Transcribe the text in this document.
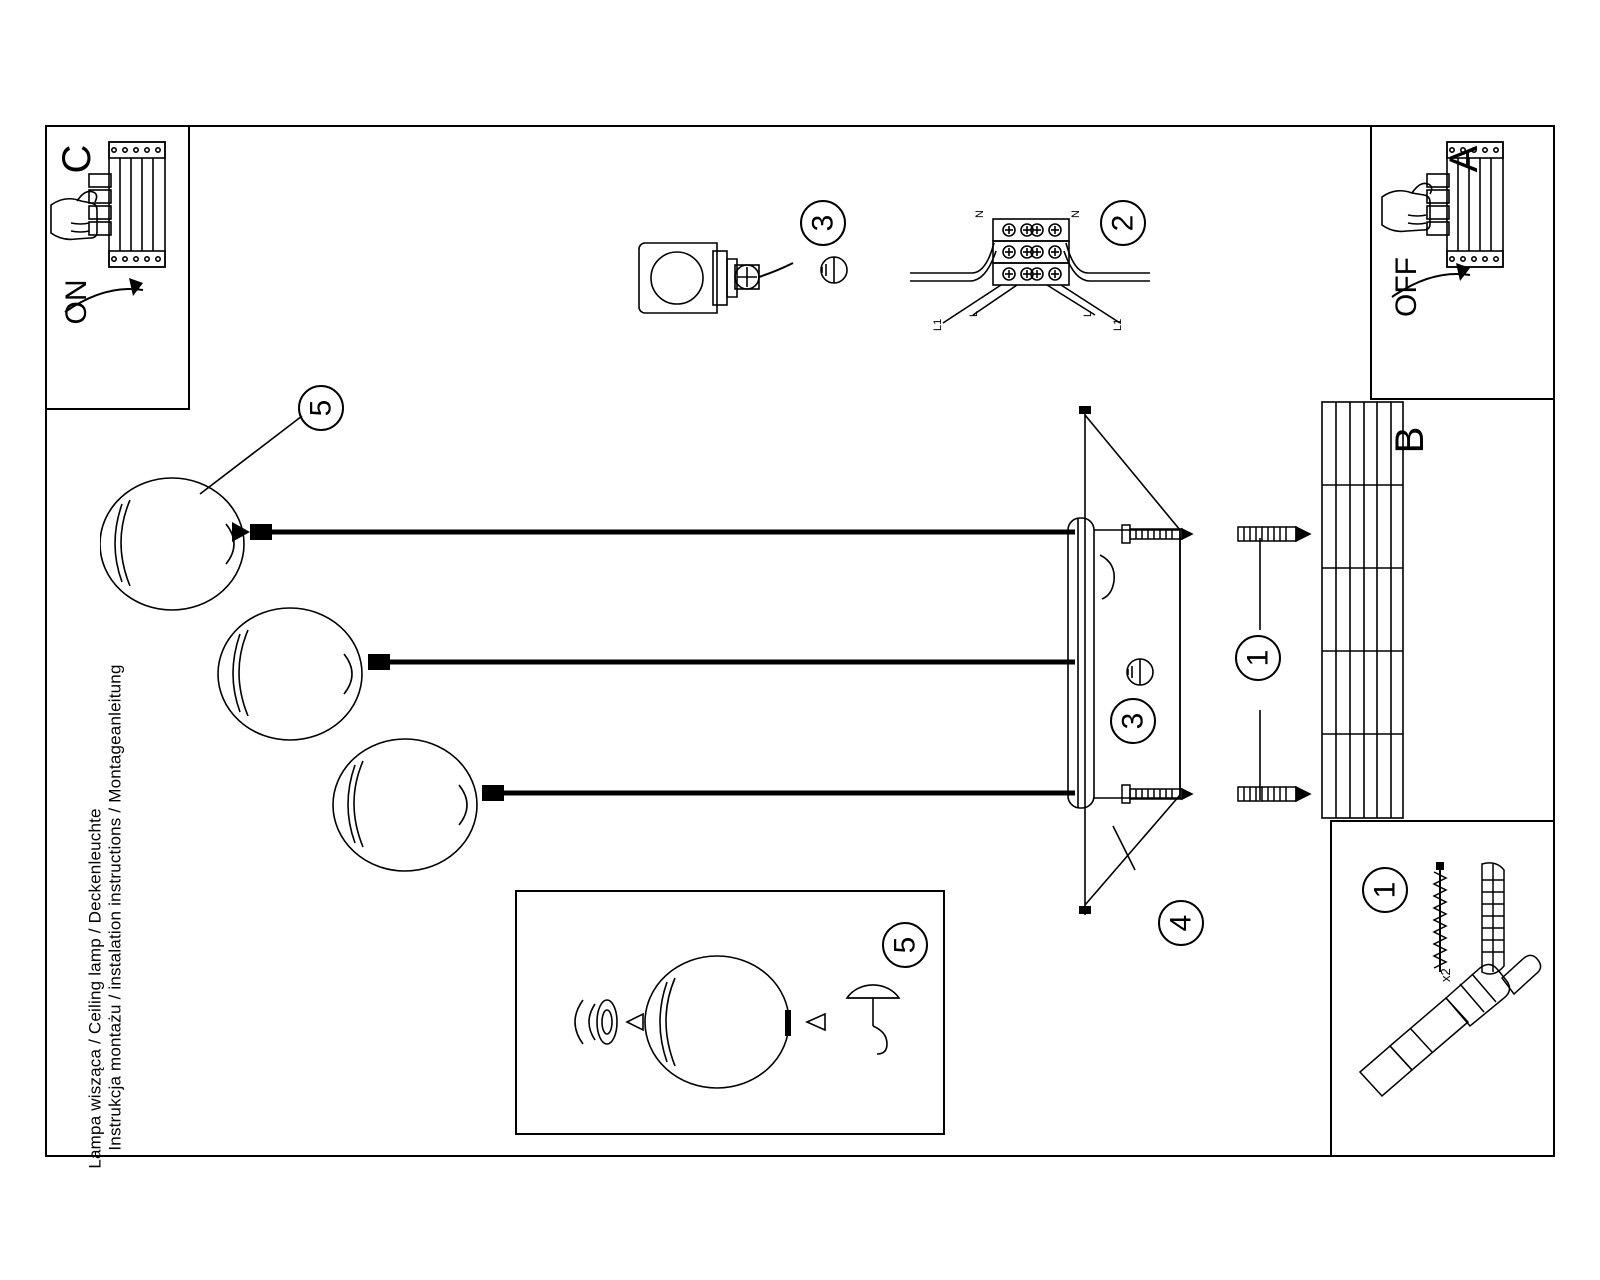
A
OFF
C
ON
N	N
L	L
L1	L1
2
3
B
1
3
4
5
5
1
x2
Instrukcja montażu / instalation instructions / Montageanleitung
Lampa wisząca / Ceiling lamp / Deckenleuchte
